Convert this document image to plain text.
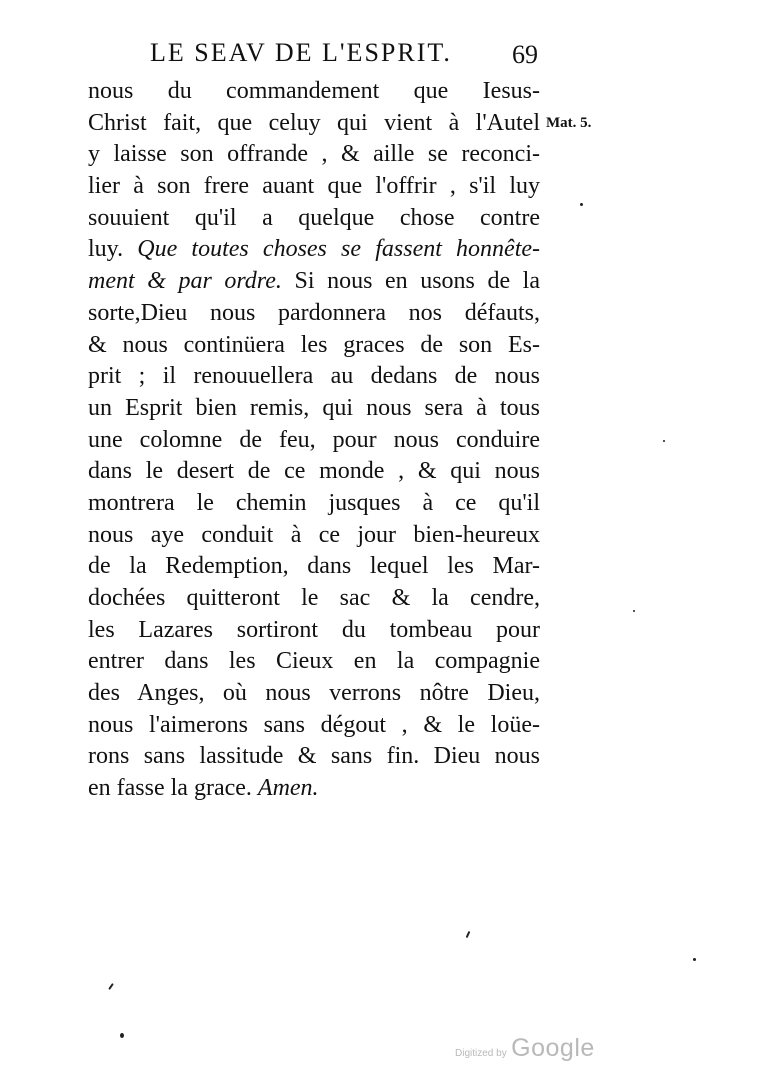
LE SEAV DE L'ESPRIT.	69
Mat. 5.
nous du commandement que Iesus-
Christ fait, que celuy qui vient à l'Autel
y laisse son offrande , & aille se reconci-
lier à son frere auant que l'offrir , s'il luy
souuient qu'il a quelque chose contre
luy. Que toutes choses se fassent honnête-
ment & par ordre. Si nous en usons de la
sorte,Dieu nous pardonnera nos défauts,
& nous continüera les graces de son Es-
prit ; il renouuellera au dedans de nous
un Esprit bien remis, qui nous sera à tous
une colomne de feu, pour nous conduire
dans le desert de ce monde , & qui nous
montrera le chemin jusques à ce qu'il
nous aye conduit à ce jour bien-heureux
de la Redemption, dans lequel les Mar-
dochées quitteront le sac & la cendre,
les Lazares sortiront du tombeau pour
entrer dans les Cieux en la compagnie
des Anges, où nous verrons nôtre Dieu,
nous l'aimerons sans dégout , & le loüe-
rons sans lassitude & sans fin. Dieu nous
en fasse la grace. Amen.
Digitized by Google
